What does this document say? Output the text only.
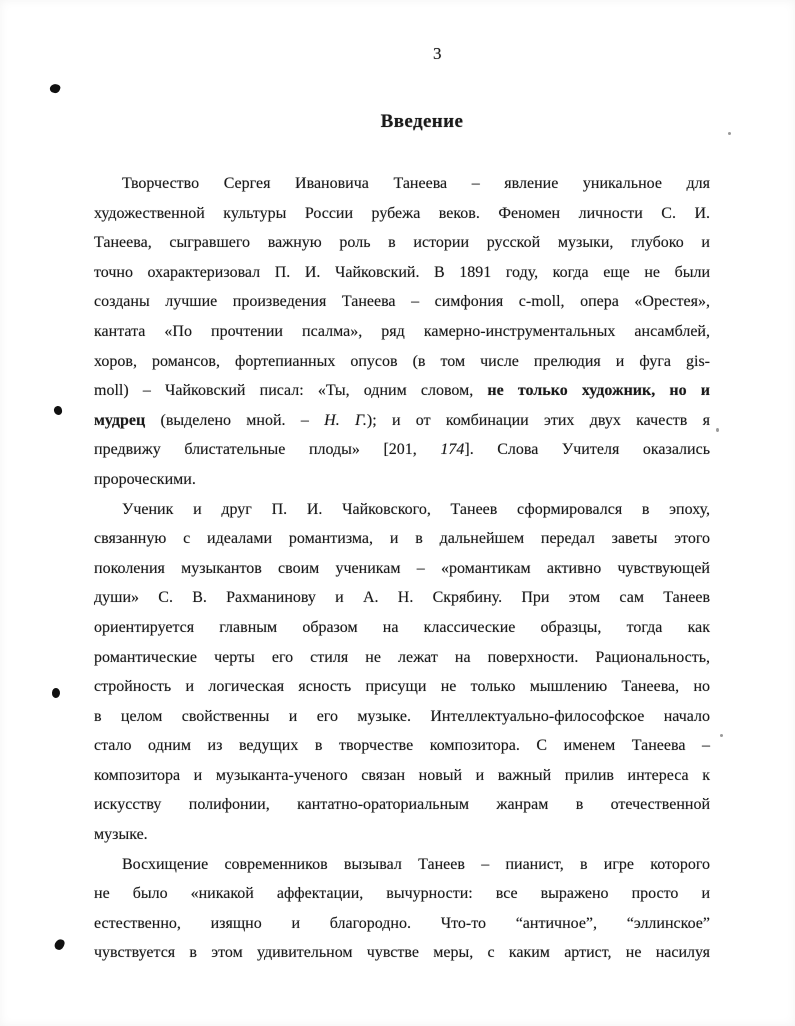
3
Введение
Творчество Сергея Ивановича Танеева – явление уникальное для
художественной культуры России рубежа веков. Феномен личности С. И.
Танеева, сыгравшего важную роль в истории русской музыки, глубоко и
точно охарактеризовал П. И. Чайковский. В 1891 году, когда еще не были
созданы лучшие произведения Танеева – симфония c-moll, опера «Орестея»,
кантата «По прочтении псалма», ряд камерно-инструментальных ансамблей,
хоров, романсов, фортепианных опусов (в том числе прелюдия и фуга gis-
moll) – Чайковский писал: «Ты, одним словом, не только художник, но и
мудрец (выделено мной. – Н. Г.); и от комбинации этих двух качеств я
предвижу блистательные плоды» [201, 174]. Слова Учителя оказались
пророческими.
Ученик и друг П. И. Чайковского, Танеев сформировался в эпоху,
связанную с идеалами романтизма, и в дальнейшем передал заветы этого
поколения музыкантов своим ученикам – «романтикам активно чувствующей
души» С. В. Рахманинову и А. Н. Скрябину. При этом сам Танеев
ориентируется главным образом на классические образцы, тогда как
романтические черты его стиля не лежат на поверхности. Рациональность,
стройность и логическая ясность присущи не только мышлению Танеева, но
в целом свойственны и его музыке. Интеллектуально-философское начало
стало одним из ведущих в творчестве композитора. С именем Танеева –
композитора и музыканта-ученого связан новый и важный прилив интереса к
искусству полифонии, кантатно-ораториальным жанрам в отечественной
музыке.
Восхищение современников вызывал Танеев – пианист, в игре которого
не было «никакой аффектации, вычурности: все выражено просто и
естественно, изящно и благородно. Что-то “античное”, “эллинское”
чувствуется в этом удивительном чувстве меры, с каким артист, не насилуя
